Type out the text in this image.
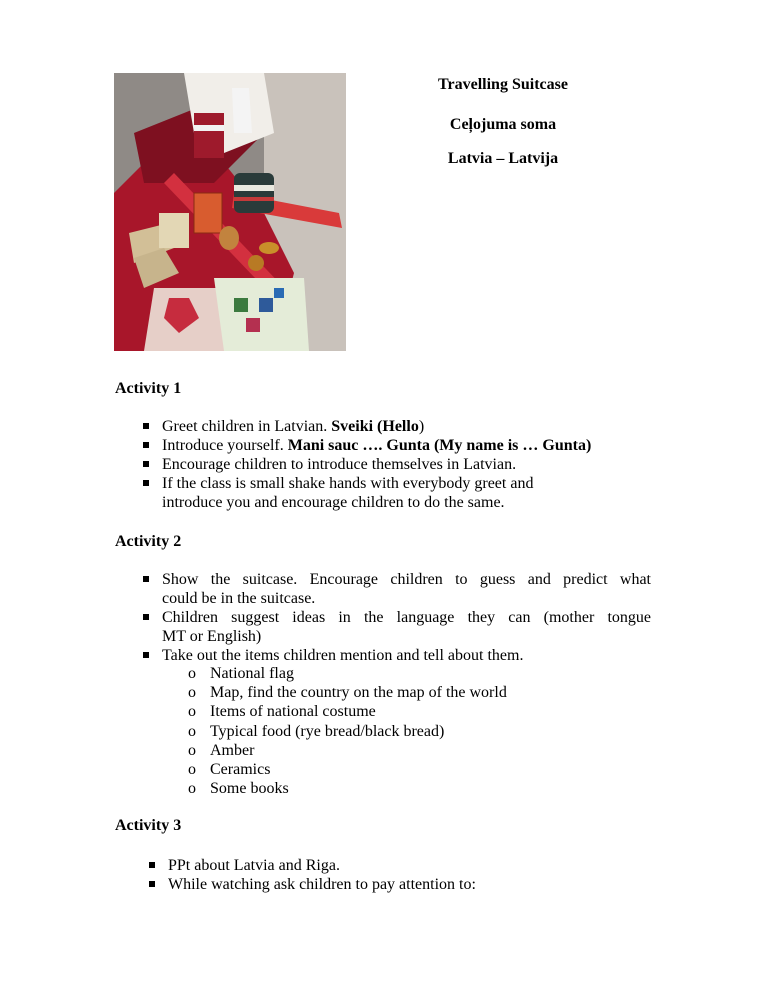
Travelling Suitcase
Ceļojuma soma
Latvia – Latvija
Activity 1
Greet children in Latvian. Sveiki (Hello)
Introduce yourself. Mani sauc …. Gunta (My name is … Gunta)
Encourage children to introduce themselves in Latvian.
If the class is small shake hands with everybody greet and
introduce you and encourage children to do the same.
Activity 2
Show the suitcase. Encourage children to guess and predict what
could be in the suitcase.
Children suggest ideas in the language they can (mother tongue
MT or English)
Take out the items children mention and tell about them.
o National flag
o Map, find the country on the map of the world
o Items of national costume
o Typical food (rye bread/black bread)
o Amber
o Ceramics
o Some books
Activity 3
PPt about Latvia and Riga.
While watching ask children to pay attention to:
